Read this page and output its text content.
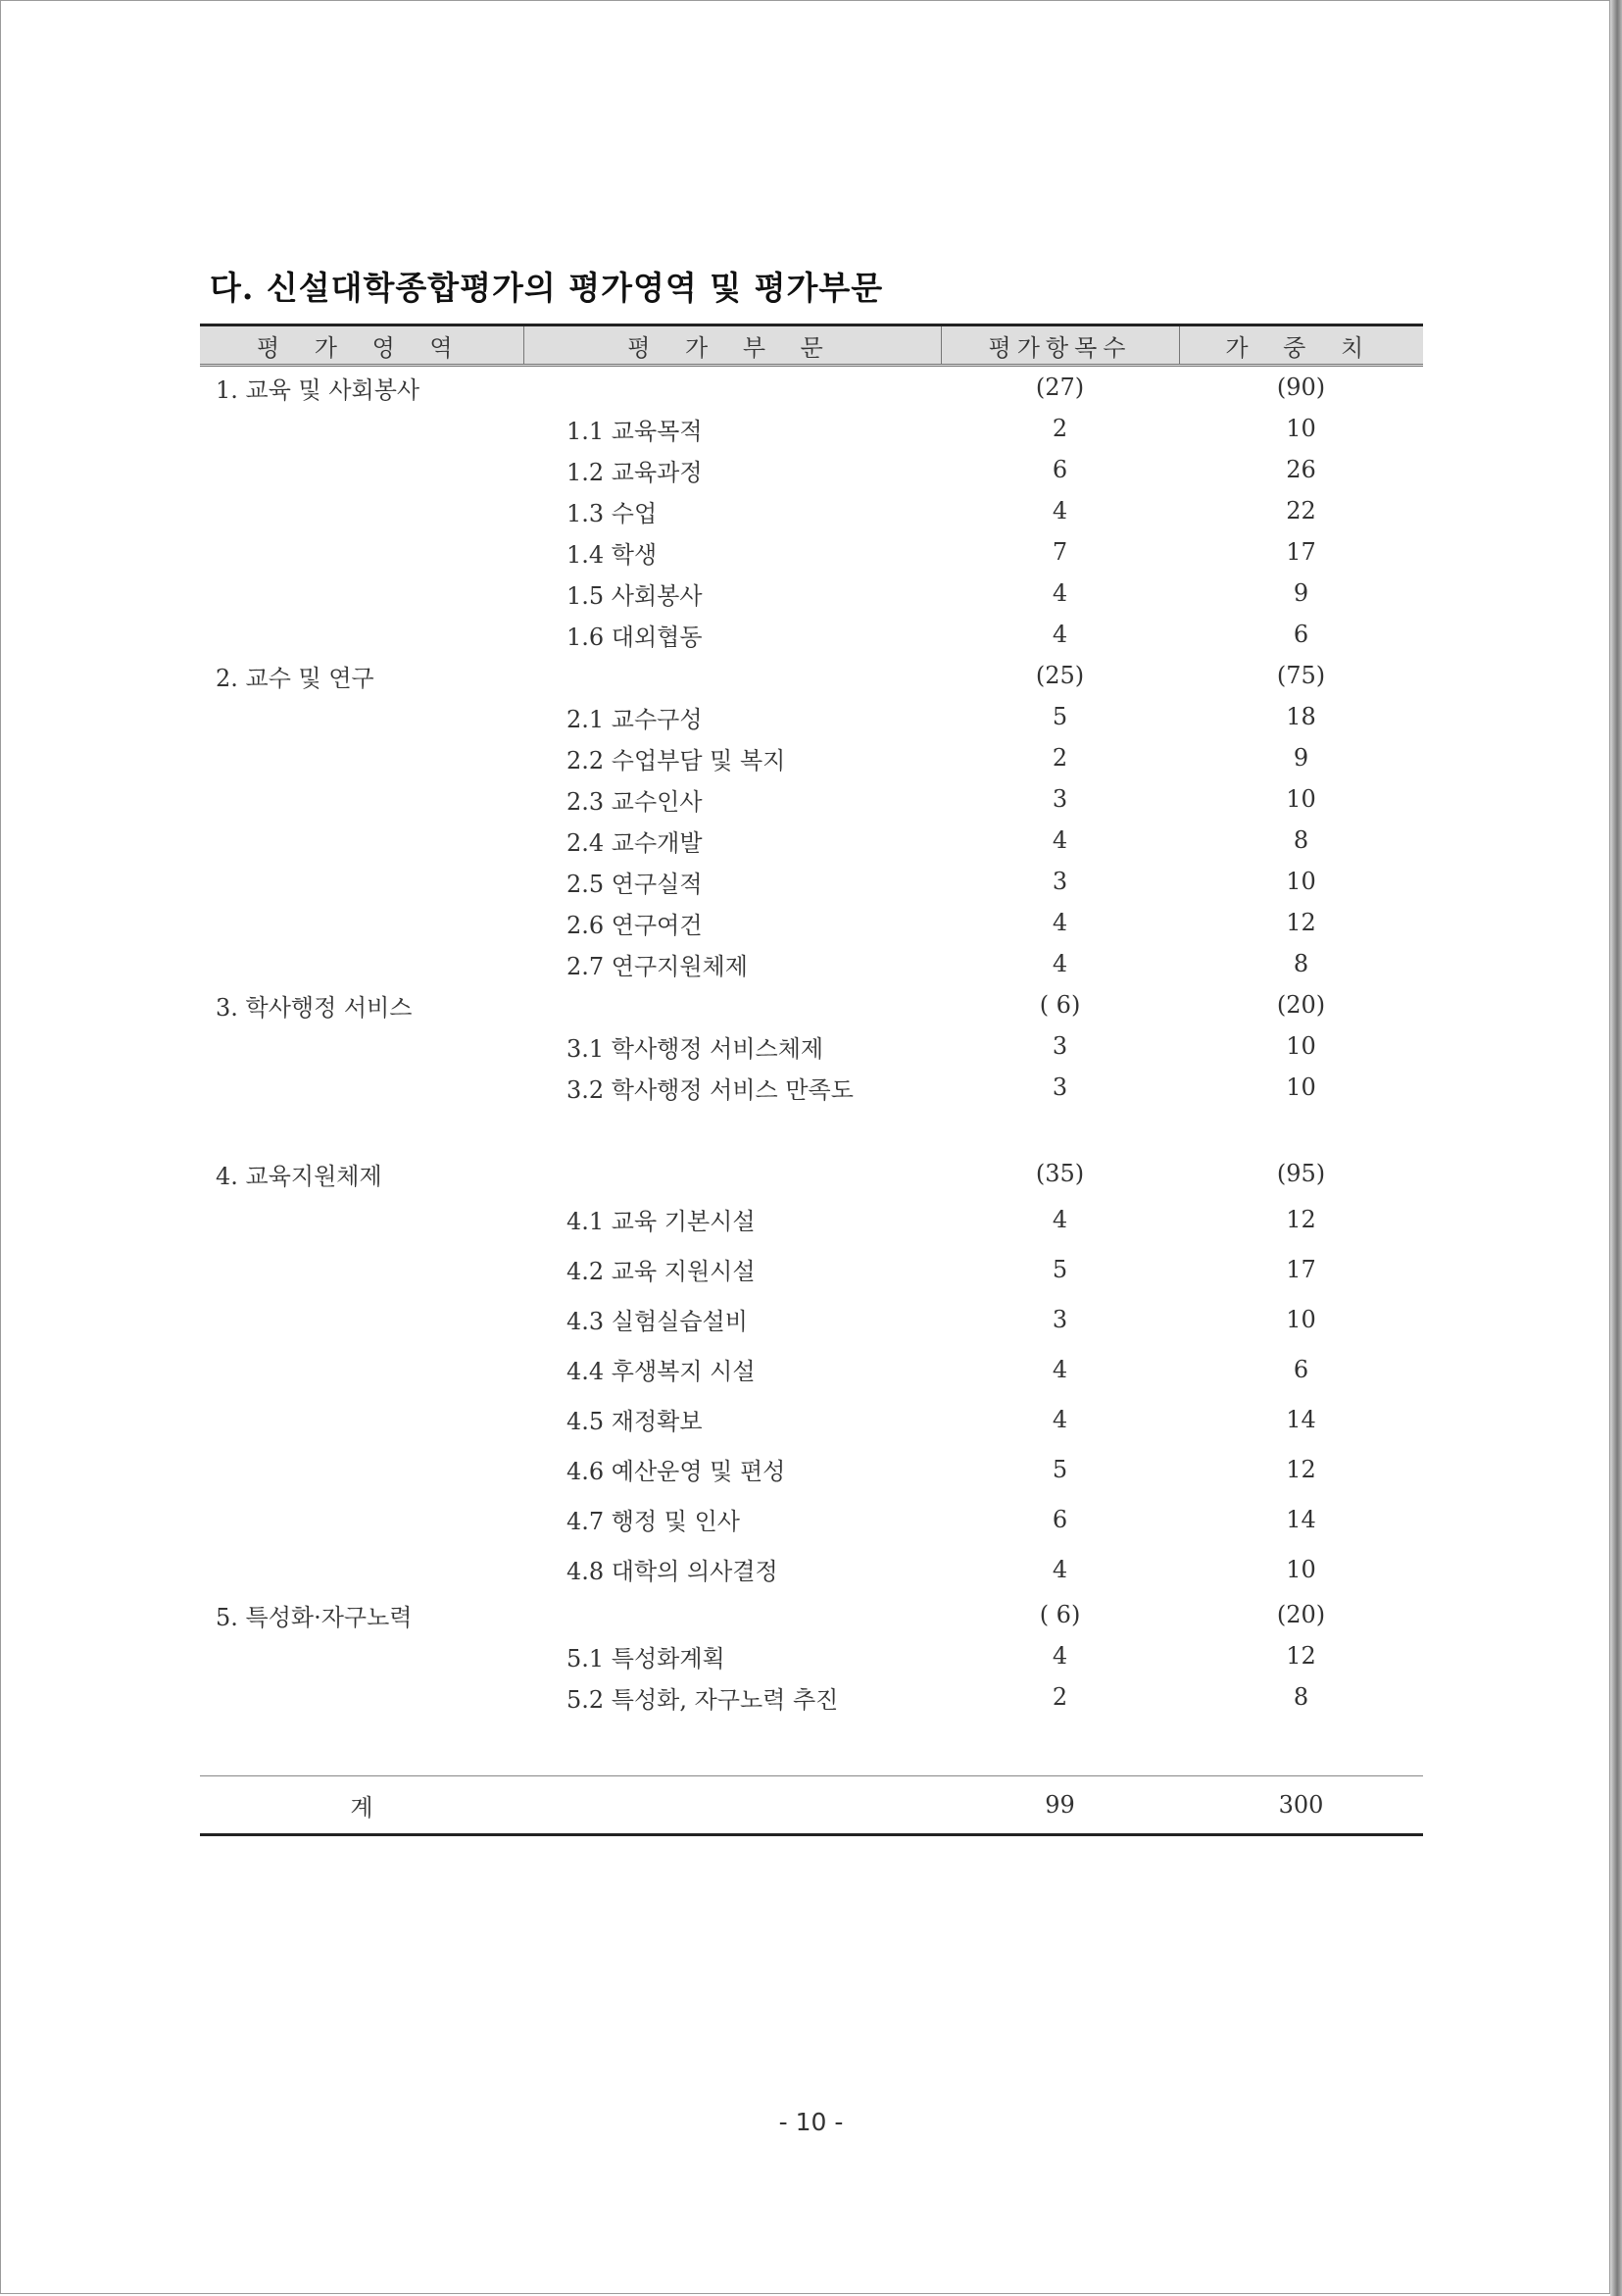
다. 신설대학종합평가의 평가영역 및 평가부문
평 가 영 역	평 가 부 문	평가항목수	가 중 치
1. 교육 및 사회봉사		(27)	(90)
1.1 교육목적		2	10
1.2 교육과정		6	26
1.3 수업		4	22
1.4 학생		7	17
1.5 사회봉사		4	9
1.6 대외협동		4	6
2. 교수 및 연구		(25)	(75)
2.1 교수구성		5	18
2.2 수업부담 및 복지		2	9
2.3 교수인사		3	10
2.4 교수개발		4	8
2.5 연구실적		3	10
2.6 연구여건		4	12
2.7 연구지원체제		4	8
3. 학사행정 서비스		( 6)	(20)
3.1 학사행정 서비스체제		3	10
3.2 학사행정 서비스 만족도		3	10

4. 교육지원체제		(35)	(95)
4.1 교육 기본시설		4	12
4.2 교육 지원시설		5	17
4.3 실험실습설비		3	10
4.4 후생복지 시설		4	6
4.5 재정확보		4	14
4.6 예산운영 및 편성		5	12
4.7 행정 및 인사		6	14
4.8 대학의 의사결정		4	10
5. 특성화·자구노력		( 6)	(20)
5.1 특성화계획		4	12
5.2 특성화, 자구노력 추진		2	8

계		99	300
- 10 -
